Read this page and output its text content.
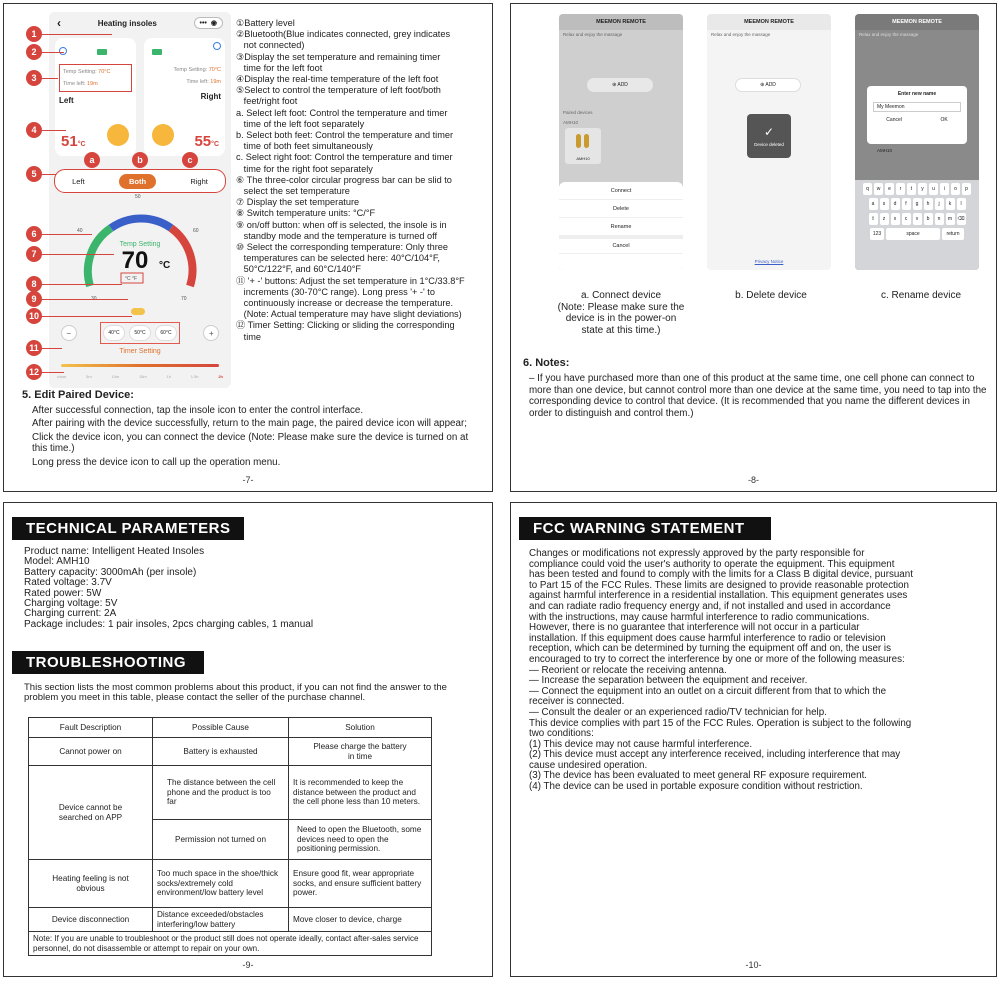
‹	Heating insoles	••• ◉
Temp Setting: 70°C
Time left: 19m
Left
51°C
Temp Setting: 70°C
Time left: 19m
Right
55°C
Left	Both	Right
50
40	60
70
Temp Setting
70 °C
°C °F
−	40°C	50°C	60°C	+
Timer Setting
close	5m	10m	15m	1h	1.5h	2h
1
2
3
4
5
6
7
8
9
10
11
12
a	b	c
①Battery level
②Bluetooth(Blue indicates connected, grey indicates
not connected)
③Display the set temperature and remaining timer
time for the left foot
④Display the real-time temperature of the left foot
⑤Select to control the temperature of left foot/both
feet/right foot
a. Select left foot: Control the temperature and timer
time of the left foot separately
b. Select both feet: Control the temperature and timer
time of both feet simultaneously
c. Select right foot: Control the temperature and timer
time for the right foot separately
⑥ The three-color circular progress bar can be slid to
select the set temperature
⑦ Display the set temperature
⑧ Switch temperature units: °C/°F
⑨ on/off button: when off is selected, the insole is in
standby mode and the temperature is turned off
⑩ Select the corresponding temperature: Only three
temperatures can be selected here: 40°C/104°F,
50°C/122°F, and 60°C/140°F
⑪ '+ -' buttons: Adjust the set temperature in 1°C/33.8°F
increments (30-70°C range). Long press '+ -' to
continuously increase or decrease the temperature.
(Note: Actual temperature may have slight deviations)
⑫ Timer Setting: Clicking or sliding the corresponding
time
5. Edit Paired Device:

After successful connection, tap the insole icon to enter the control interface.

After pairing with the device successfully, return to the main page, the paired device icon will appear;

Click the device icon, you can connect the device (Note: Please make sure the device is turned on at this time.)

Long press the device icon to call up the operation menu.

-7-
MEEMON REMOTE
Relax and enjoy the massage
⊕ ADD
Paired devices
AMH10
AMH10
Connect
Delete
Rename
Cancel
MEEMON REMOTE
Relax and enjoy the massage
⊕ ADD
✓
Device deleted
Privacy Notice
MEEMON REMOTE
Relax and enjoy the massage
AMH10
Enter new name
My Meemon
Cancel	OK
q	w	e	r	t	y	u	i	o	p
a	s	d	f	g	h	j	k	l
⇧	z	x	c	v	b	n	m	⌫
123	space	return
a. Connect device
(Note: Please make sure the
device is in the power-on
state at this time.)
b. Delete device	c. Rename device
6. Notes:

– If you have purchased more than one of this product at the same time, one cell phone can connect to more than one device, but cannot control more than one device at the same time, you need to tap into the corresponding device to control that device. (It is recommended that you name the different devices in order to distinguish and control them.)

-8-
TECHNICAL PARAMETERS
Product name: Intelligent Heated Insoles
Model: AMH10
Battery capacity: 3000mAh (per insole)
Rated voltage: 3.7V
Rated power: 5W
Charging voltage: 5V
Charging current: 2A
Package includes: 1 pair insoles, 2pcs charging cables, 1 manual
TROUBLESHOOTING
This section lists the most common problems about this product, if you can not find the answer to the problem you meet in this table, please contact the seller of the purchase channel.
Fault Description	Possible Cause	Solution
Cannot power on	Battery is exhausted	Please charge the battery in time
Device cannot be searched on APP	The distance between the cell phone and the product is too far	It is recommended to keep the distance between the product and the cell phone less than 10 meters.
	Permission not turned on	Need to open the Bluetooth, some devices need to open the positioning permission.
Heating feeling is not obvious	Too much space in the shoe/thick socks/extremely cold environment/low battery level	Ensure good fit, wear appropriate socks, and ensure sufficient battery power.
Device disconnection	Distance exceeded/obstacles interfering/low battery	Move closer to device, charge
Note: If you are unable to troubleshoot or the product still does not operate ideally, contact after-sales service personnel, do not disassemble or attempt to repair on your own.		
-9-
FCC WARNING STATEMENT
Changes or modifications not expressly approved by the party responsible for
compliance could void the user's authority to operate the equipment. This equipment
has been tested and found to comply with the limits for a Class B digital device, pursuant
to Part 15 of the FCC Rules. These limits are designed to provide reasonable protection
against harmful interference in a residential installation. This equipment generates uses
and can radiate radio frequency energy and, if not installed and used in accordance
with the instructions, may cause harmful interference to radio communications.
However, there is no guarantee that interference will not occur in a particular
installation. If this equipment does cause harmful interference to radio or television
reception, which can be determined by turning the equipment off and on, the user is
encouraged to try to correct the interference by one or more of the following measures:
— Reorient or relocate the receiving antenna.
— Increase the separation between the equipment and receiver.
— Connect the equipment into an outlet on a circuit different from that to which the
receiver is connected.
— Consult the dealer or an experienced radio/TV technician for help.
This device complies with part 15 of the FCC Rules. Operation is subject to the following
two conditions:
(1) This device may not cause harmful interference.
(2) This device must accept any interference received, including interference that may
cause undesired operation.
(3) The device has been evaluated to meet general RF exposure requirement.
(4) The device can be used in portable exposure condition without restriction.
-10-
